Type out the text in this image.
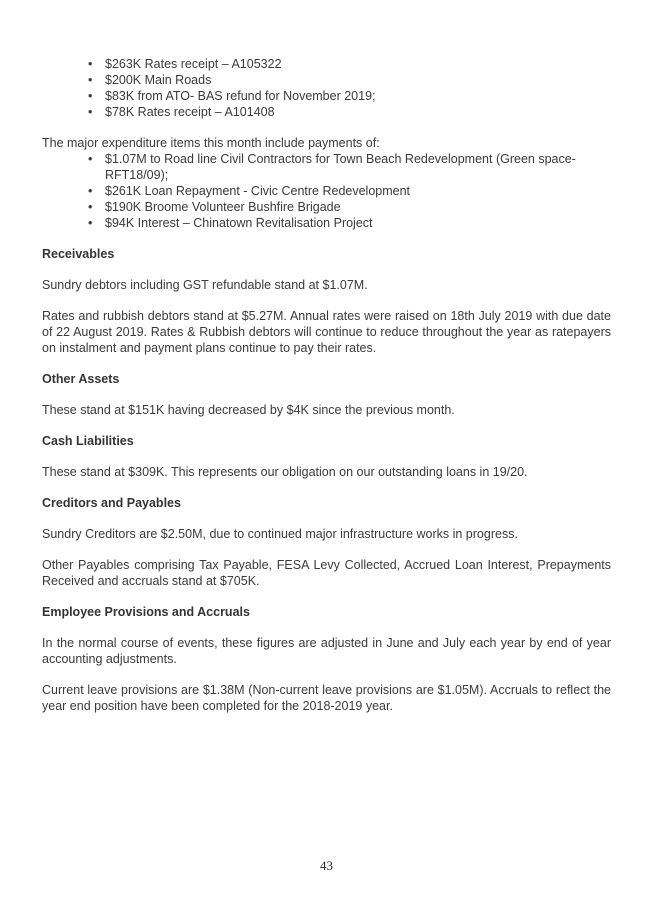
• $263K Rates receipt – A105322
• $200K Main Roads
• $83K from ATO- BAS refund for November 2019;
• $78K Rates receipt – A101408

The major expenditure items this month include payments of:

• $1.07M to Road line Civil Contractors for Town Beach Redevelopment (Green space- RFT18/09);
• $261K Loan Repayment - Civic Centre Redevelopment
• $190K Broome Volunteer Bushfire Brigade
• $94K Interest – Chinatown Revitalisation Project
Receivables

Sundry debtors including GST refundable stand at $1.07M.

Rates and rubbish debtors stand at $5.27M. Annual rates were raised on 18th July 2019 with due date of 22 August 2019. Rates & Rubbish debtors will continue to reduce throughout the year as ratepayers on instalment and payment plans continue to pay their rates.

Other Assets

These stand at $151K having decreased by $4K since the previous month.

Cash Liabilities

These stand at $309K. This represents our obligation on our outstanding loans in 19/20.

Creditors and Payables

Sundry Creditors are $2.50M, due to continued major infrastructure works in progress.

Other Payables comprising Tax Payable, FESA Levy Collected, Accrued Loan Interest, Prepayments Received and accruals stand at $705K.

Employee Provisions and Accruals

In the normal course of events, these figures are adjusted in June and July each year by end of year accounting adjustments.

Current leave provisions are $1.38M (Non-current leave provisions are $1.05M). Accruals to reflect the year end position have been completed for the 2018-2019 year.

43
